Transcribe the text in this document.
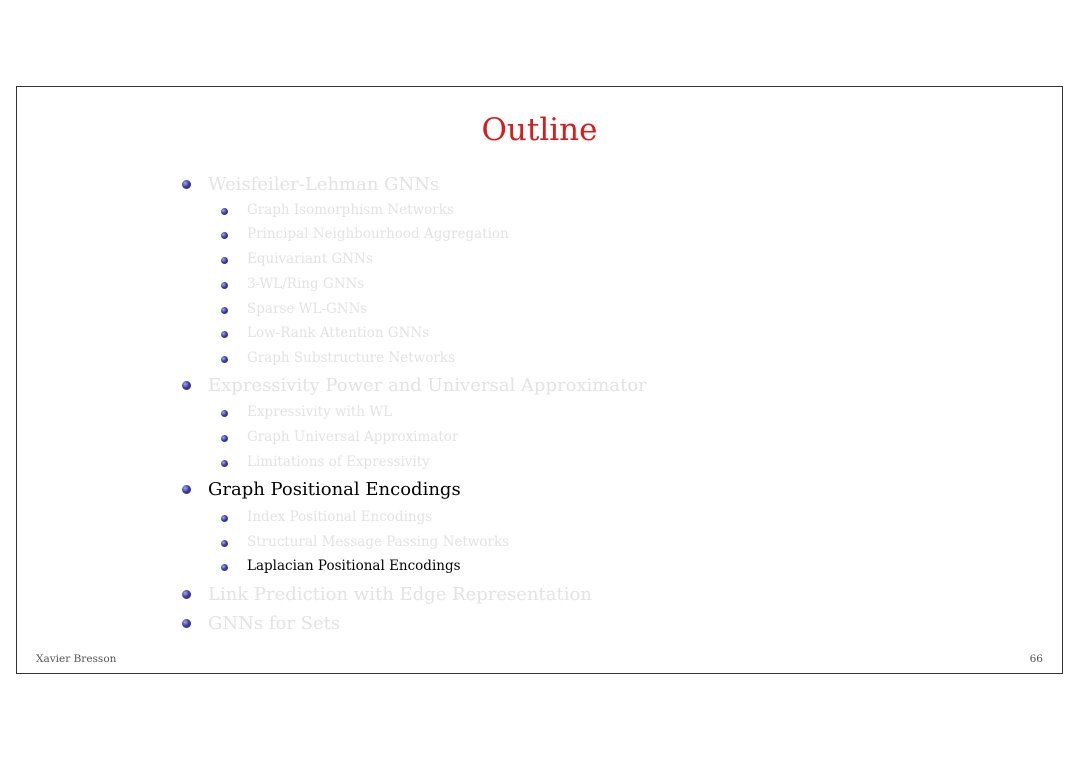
Outline
Weisfeiler-Lehman GNNs
Graph Isomorphism Networks
Principal Neighbourhood Aggregation
Equivariant GNNs
3-WL/Ring GNNs
Sparse WL-GNNs
Low-Rank Attention GNNs
Graph Substructure Networks
Expressivity Power and Universal Approximator
Expressivity with WL
Graph Universal Approximator
Limitations of Expressivity
Graph Positional Encodings
Index Positional Encodings
Structural Message Passing Networks
Laplacian Positional Encodings
Link Prediction with Edge Representation
GNNs for Sets
Xavier Bresson	66
